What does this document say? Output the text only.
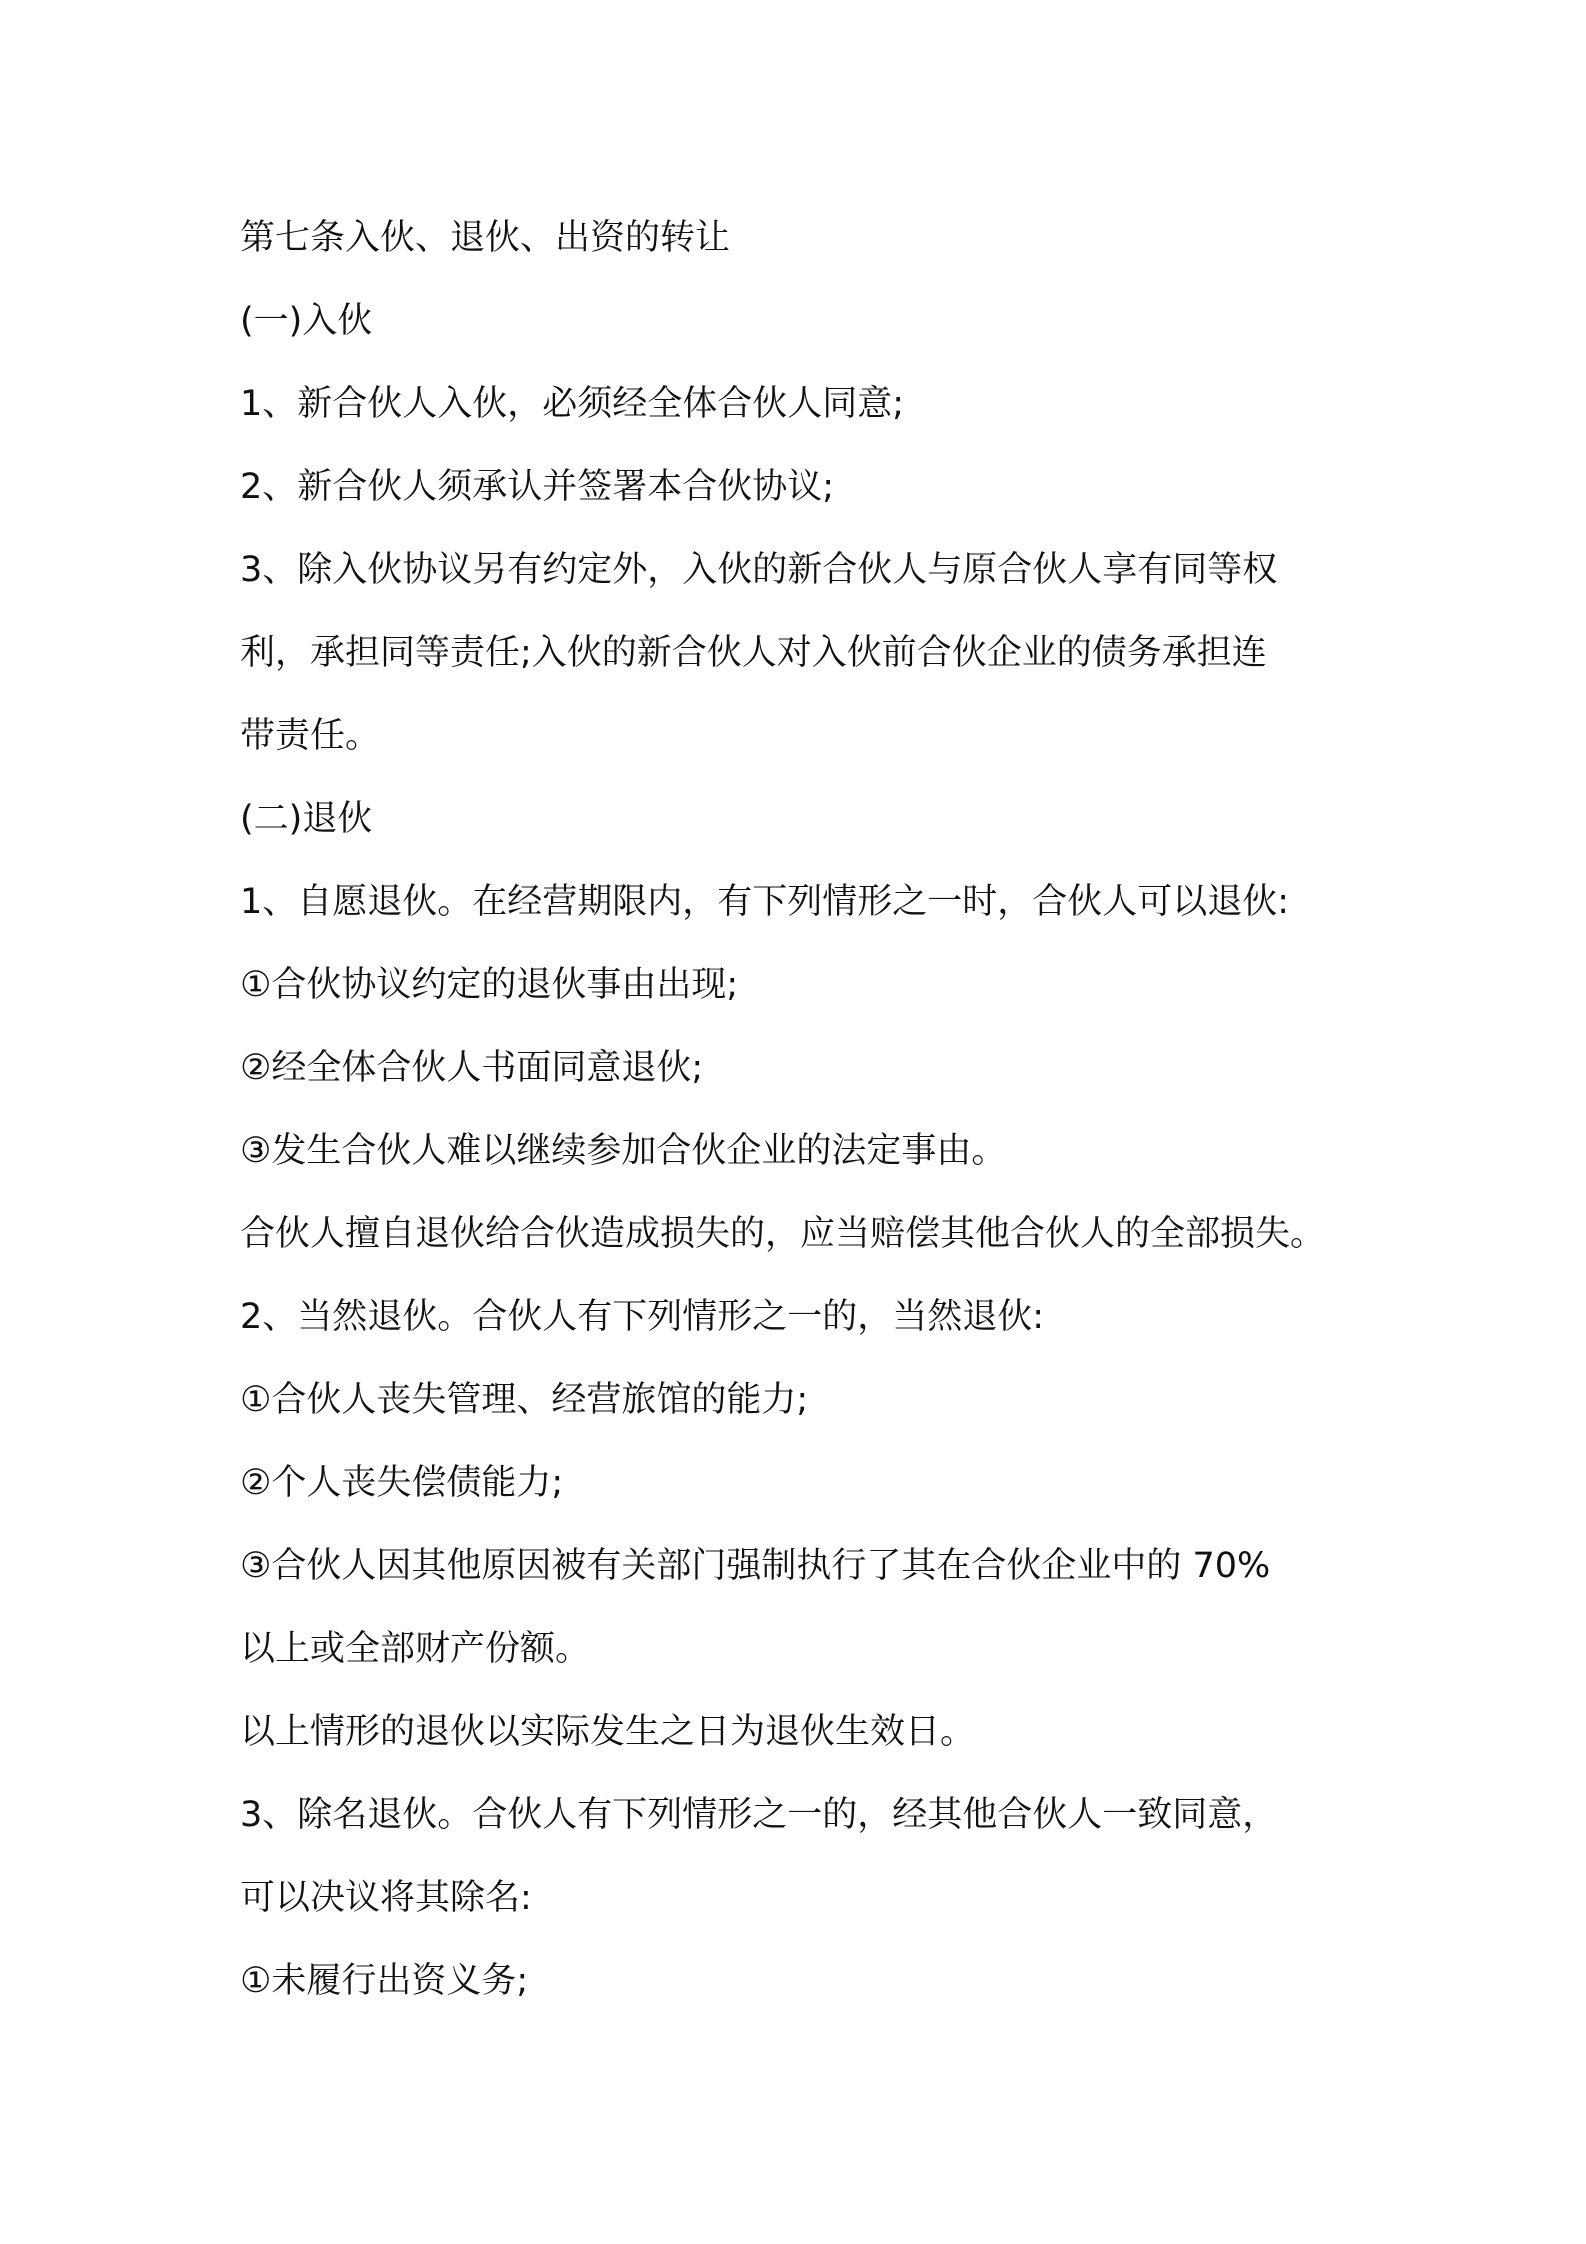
第七条入伙、退伙、出资的转让
(一)入伙
1、新合伙人入伙，必须经全体合伙人同意;
2、新合伙人须承认并签署本合伙协议;
3、除入伙协议另有约定外，入伙的新合伙人与原合伙人享有同等权
利，承担同等责任;入伙的新合伙人对入伙前合伙企业的债务承担连
带责任。
(二)退伙
1、自愿退伙。在经营期限内，有下列情形之一时，合伙人可以退伙:
①合伙协议约定的退伙事由出现;
②经全体合伙人书面同意退伙;
③发生合伙人难以继续参加合伙企业的法定事由。
合伙人擅自退伙给合伙造成损失的，应当赔偿其他合伙人的全部损失。
2、当然退伙。合伙人有下列情形之一的，当然退伙:
①合伙人丧失管理、经营旅馆的能力;
②个人丧失偿债能力;
③合伙人因其他原因被有关部门强制执行了其在合伙企业中的 70%
以上或全部财产份额。
以上情形的退伙以实际发生之日为退伙生效日。
3、除名退伙。合伙人有下列情形之一的，经其他合伙人一致同意，
可以决议将其除名:
①未履行出资义务;
